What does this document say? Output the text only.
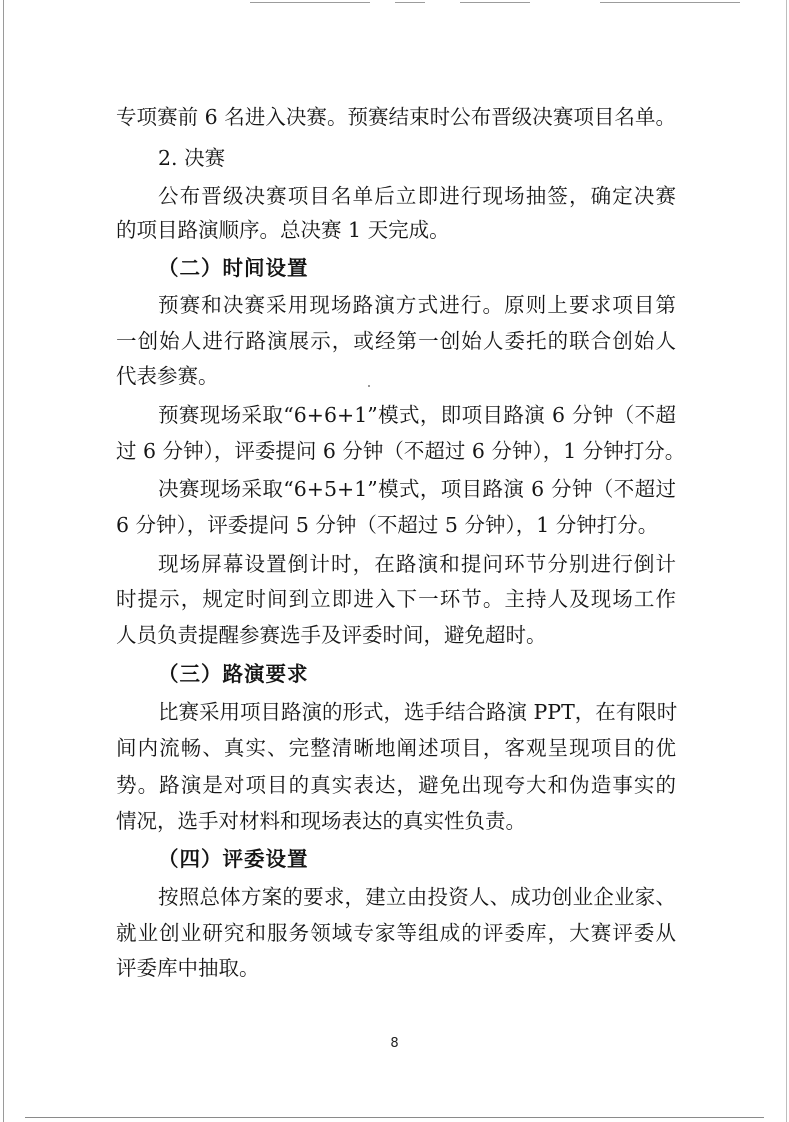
专项赛前 6 名进入决赛。预赛结束时公布晋级决赛项目名单。

2. 决赛

公布晋级决赛项目名单后立即进行现场抽签，确定决赛

的项目路演顺序。总决赛 1 天完成。

（二）时间设置

预赛和决赛采用现场路演方式进行。原则上要求项目第

一创始人进行路演展示，或经第一创始人委托的联合创始人

代表参赛。

预赛现场采取“6+6+1”模式，即项目路演 6 分钟（不超

过 6 分钟），评委提问 6 分钟（不超过 6 分钟），1 分钟打分。

决赛现场采取“6+5+1”模式，项目路演 6 分钟（不超过

6 分钟），评委提问 5 分钟（不超过 5 分钟），1 分钟打分。

现场屏幕设置倒计时，在路演和提问环节分别进行倒计

时提示，规定时间到立即进入下一环节。主持人及现场工作

人员负责提醒参赛选手及评委时间，避免超时。

（三）路演要求

比赛采用项目路演的形式，选手结合路演 PPT，在有限时

间内流畅、真实、完整清晰地阐述项目，客观呈现项目的优

势。路演是对项目的真实表达，避免出现夸大和伪造事实的

情况，选手对材料和现场表达的真实性负责。

（四）评委设置

按照总体方案的要求，建立由投资人、成功创业企业家、

就业创业研究和服务领域专家等组成的评委库，大赛评委从

评委库中抽取。

8
